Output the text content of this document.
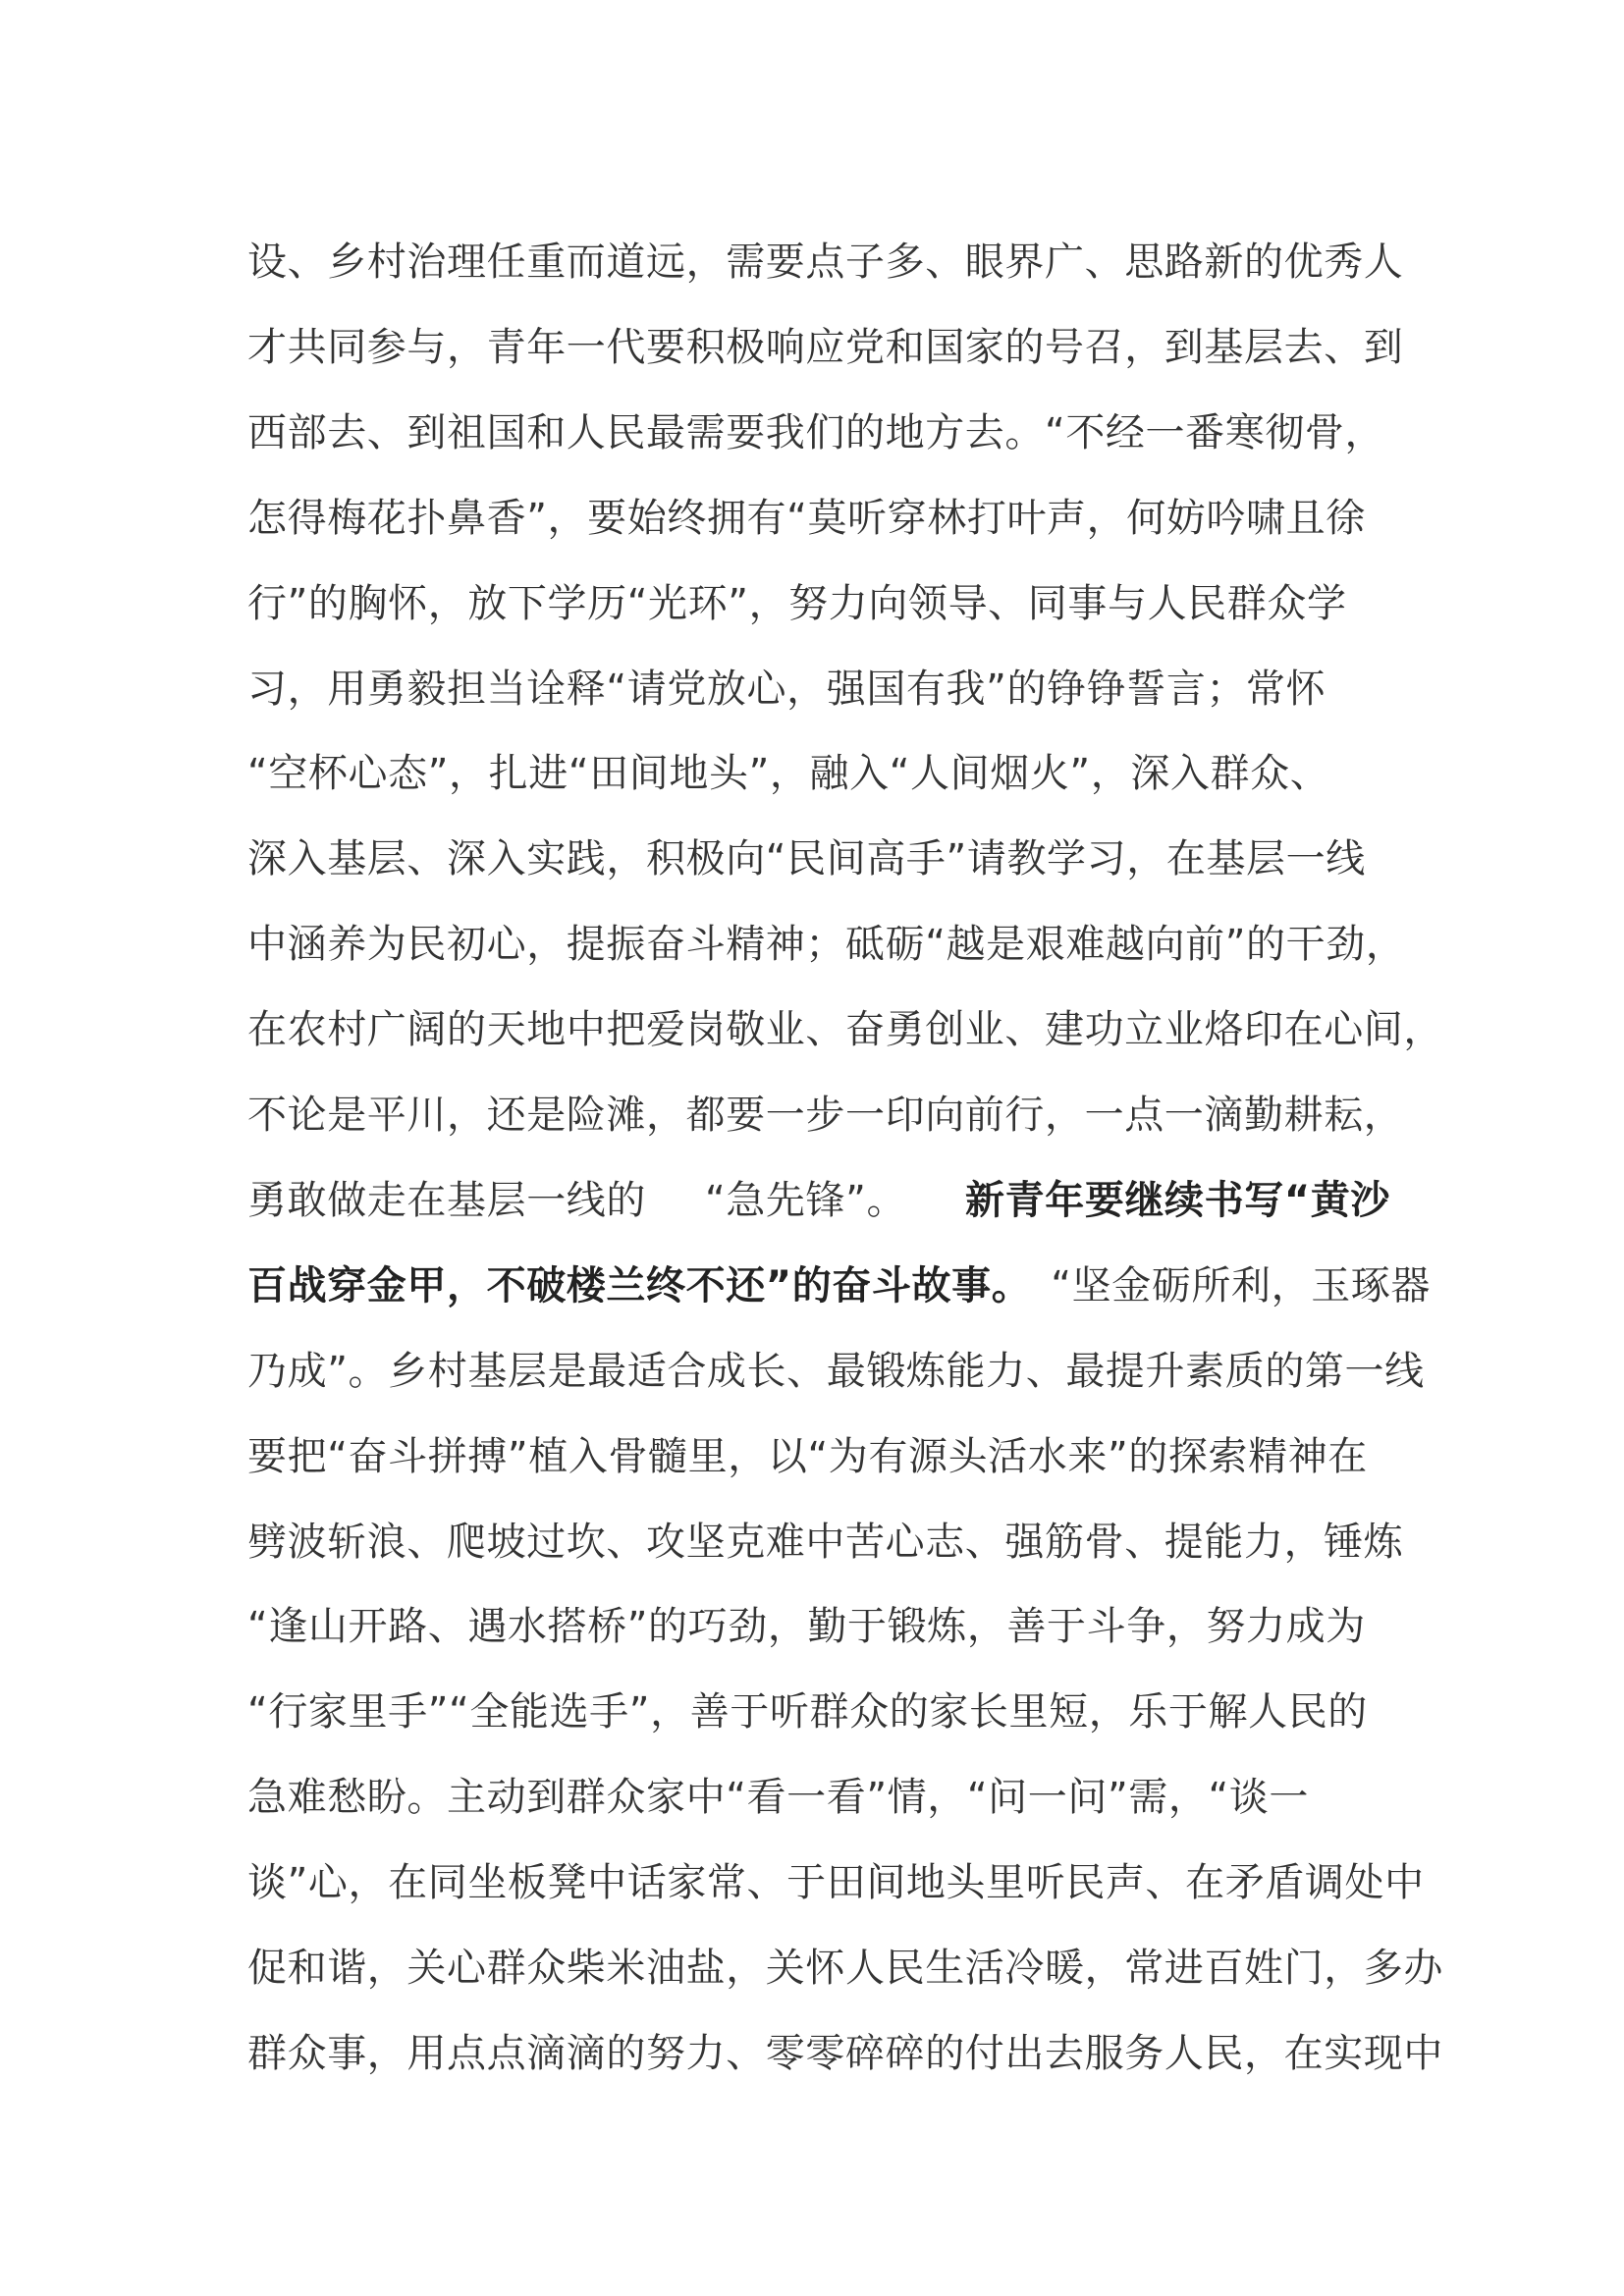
设、乡村治理任重而道远，需要点子多、眼界广、思路新的优秀人
才共同参与，青年一代要积极响应党和国家的号召，到基层去、到
西部去、到祖国和人民最需要我们的地方去。“不经一番寒彻骨，
怎得梅花扑鼻香”，要始终拥有“莫听穿林打叶声，何妨吟啸且徐
行”的胸怀，放下学历“光环”，努力向领导、同事与人民群众学
习，用勇毅担当诠释“请党放心，强国有我”的铮铮誓言；常怀
“空杯心态”，扎进“田间地头”，融入“人间烟火”，深入群众、
深入基层、深入实践，积极向“民间高手”请教学习，在基层一线
中涵养为民初心，提振奋斗精神；砥砺“越是艰难越向前”的干劲，
在农村广阔的天地中把爱岗敬业、奋勇创业、建功立业烙印在心间，
不论是平川，还是险滩，都要一步一印向前行，一点一滴勤耕耘，
勇敢做走在基层一线的 “急先锋”。 新青年要继续书写“黄沙
百战穿金甲，不破楼兰终不还”的奋斗故事。 “坚金砺所利，玉琢器
乃成”。乡村基层是最适合成长、最锻炼能力、最提升素质的第一线
要把“奋斗拼搏”植入骨髓里，以“为有源头活水来”的探索精神在
劈波斩浪、爬坡过坎、攻坚克难中苦心志、强筋骨、提能力，锤炼
“逢山开路、遇水搭桥”的巧劲，勤于锻炼，善于斗争，努力成为
“行家里手”“全能选手”，善于听群众的家长里短，乐于解人民的
急难愁盼。主动到群众家中“看一看”情，“问一问”需，“谈一
谈”心，在同坐板凳中话家常、于田间地头里听民声、在矛盾调处中
促和谐，关心群众柴米油盐，关怀人民生活冷暖，常进百姓门，多办
群众事，用点点滴滴的努力、零零碎碎的付出去服务人民，在实现中
